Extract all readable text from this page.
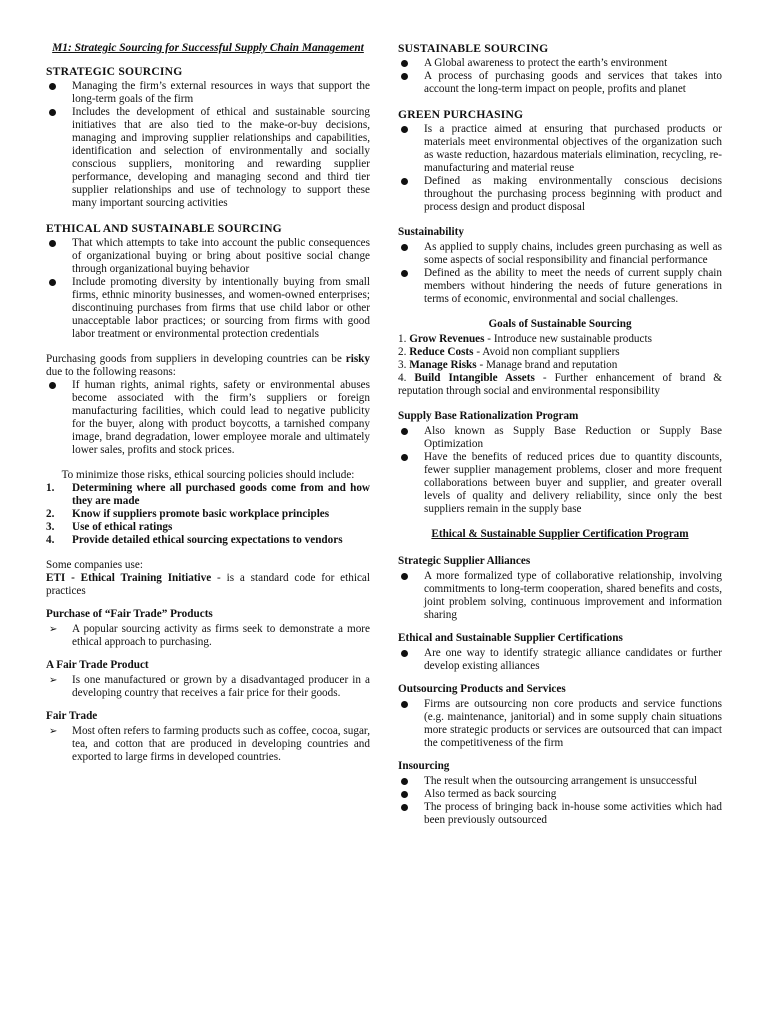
M1: Strategic Sourcing for Successful Supply Chain Management
STRATEGIC SOURCING
Managing the firm’s external resources in ways that support the long-term goals of the firm
Includes the development of ethical and sustainable sourcing initiatives that are also tied to the make-or-buy decisions, managing and improving supplier relationships and capabilities, identification and selection of environmentally and socially conscious suppliers, monitoring and rewarding supplier performance, developing and managing second and third tier supplier relationships and use of technology to support these many important sourcing activities
ETHICAL AND SUSTAINABLE SOURCING
That which attempts to take into account the public consequences of organizational buying or bring about positive social change through organizational buying behavior
Include promoting diversity by intentionally buying from small firms, ethnic minority businesses, and women-owned enterprises; discontinuing purchases from firms that use child labor or other unacceptable labor practices; or sourcing from firms with good labor treatment or environmental protection credentials

Purchasing goods from suppliers in developing countries can be risky due to the following reasons:

If human rights, animal rights, safety or environmental abuses become associated with the firm’s suppliers or foreign manufacturing facilities, which could lead to negative publicity for the buyer, along with product boycotts, a tarnished company image, brand degradation, lower employee morale and ultimately lower sales, profits and stock prices.

To minimize those risks, ethical sourcing policies should include:

1. Determining where all purchased goods come from and how they are made
2. Know if suppliers promote basic workplace principles
3. Use of ethical ratings
4. Provide detailed ethical sourcing expectations to vendors

Some companies use:

ETI - Ethical Training Initiative - is a standard code for ethical practices

Purchase of “Fair Trade” Products
➢	A popular sourcing activity as firms seek to demonstrate a more ethical approach to purchasing.
A Fair Trade Product
➢	Is one manufactured or grown by a disadvantaged producer in a developing country that receives a fair price for their goods.
Fair Trade
➢	Most often refers to farming products such as coffee, cocoa, sugar, tea, and cotton that are produced in developing countries and exported to large firms in developed countries.
SUSTAINABLE SOURCING
A Global awareness to protect the earth’s environment
A process of purchasing goods and services that takes into account the long-term impact on people, profits and planet
GREEN PURCHASING
Is a practice aimed at ensuring that purchased products or materials meet environmental objectives of the organization such as waste reduction, hazardous materials elimination, recycling, re-manufacturing and material reuse
Defined as making environmentally conscious decisions throughout the purchasing process beginning with product and process design and product disposal
Sustainability
As applied to supply chains, includes green purchasing as well as some aspects of social responsibility and financial performance
Defined as the ability to meet the needs of current supply chain members without hindering the needs of future generations in terms of economic, environmental and social challenges.
Goals of Sustainable Sourcing
1. Grow Revenues - Introduce new sustainable products
2. Reduce Costs - Avoid non compliant suppliers
3. Manage Risks - Manage brand and reputation
4. Build Intangible Assets - Further enhancement of brand & reputation through social and environmental responsibility
Supply Base Rationalization Program
Also known as Supply Base Reduction or Supply Base Optimization
Have the benefits of reduced prices due to quantity discounts, fewer supplier management problems, closer and more frequent collaborations between buyer and supplier, and greater overall levels of quality and delivery reliability, since only the best suppliers remain in the supply base
Ethical & Sustainable Supplier Certification Program
Strategic Supplier Alliances
A more formalized type of collaborative relationship, involving commitments to long-term cooperation, shared benefits and costs, joint problem solving, continuous improvement and information sharing
Ethical and Sustainable Supplier Certifications
Are one way to identify strategic alliance candidates or further develop existing alliances
Outsourcing Products and Services
Firms are outsourcing non core products and service functions (e.g. maintenance, janitorial) and in some supply chain situations more strategic products or services are outsourced that can impact the competitiveness of the firm
Insourcing
The result when the outsourcing arrangement is unsuccessful
Also termed as back sourcing
The process of bringing back in-house some activities which had been previously outsourced
